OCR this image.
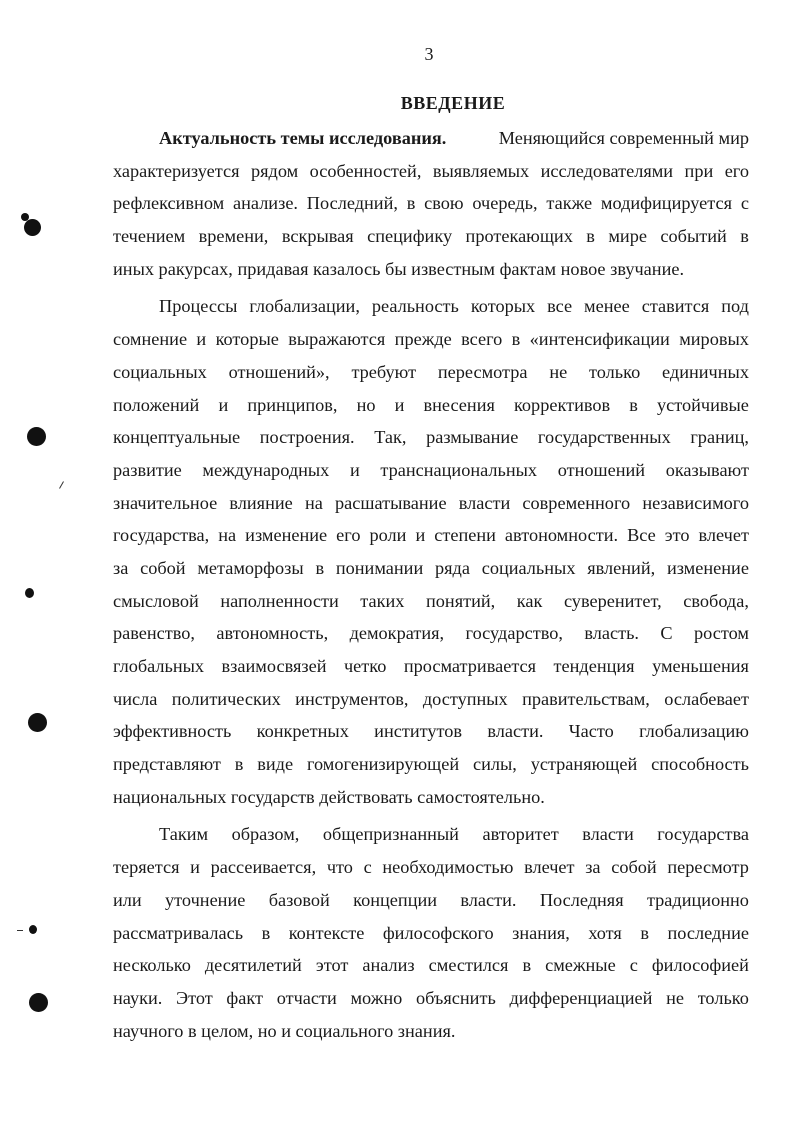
3
ВВЕДЕНИЕ
Актуальность темы исследования.	Меняющийся современный мир
характеризуется рядом особенностей, выявляемых исследователями при его
рефлексивном анализе. Последний, в свою очередь, также модифицируется с
течением времени, вскрывая специфику протекающих в мире событий в
иных ракурсах, придавая казалось бы известным фактам новое звучание.
Процессы глобализации, реальность которых все менее ставится под
сомнение и которые выражаются прежде всего в «интенсификации мировых
социальных отношений», требуют пересмотра не только единичных
положений и принципов, но и внесения коррективов в устойчивые
концептуальные построения. Так, размывание государственных границ,
развитие международных и транснациональных отношений оказывают
значительное влияние на расшатывание власти современного независимого
государства, на изменение его роли и степени автономности. Все это влечет
за собой метаморфозы в понимании ряда социальных явлений, изменение
смысловой наполненности таких понятий, как суверенитет, свобода,
равенство, автономность, демократия, государство, власть. С ростом
глобальных взаимосвязей четко просматривается тенденция уменьшения
числа политических инструментов, доступных правительствам, ослабевает
эффективность конкретных институтов власти. Часто глобализацию
представляют в виде гомогенизирующей силы, устраняющей способность
национальных государств действовать самостоятельно.
Таким образом, общепризнанный авторитет власти государства
теряется и рассеивается, что с необходимостью влечет за собой пересмотр
или уточнение базовой концепции власти. Последняя традиционно
рассматривалась в контексте философского знания, хотя в последние
несколько десятилетий этот анализ сместился в смежные с философией
науки. Этот факт отчасти можно объяснить дифференциацией не только
научного в целом, но и социального знания.
